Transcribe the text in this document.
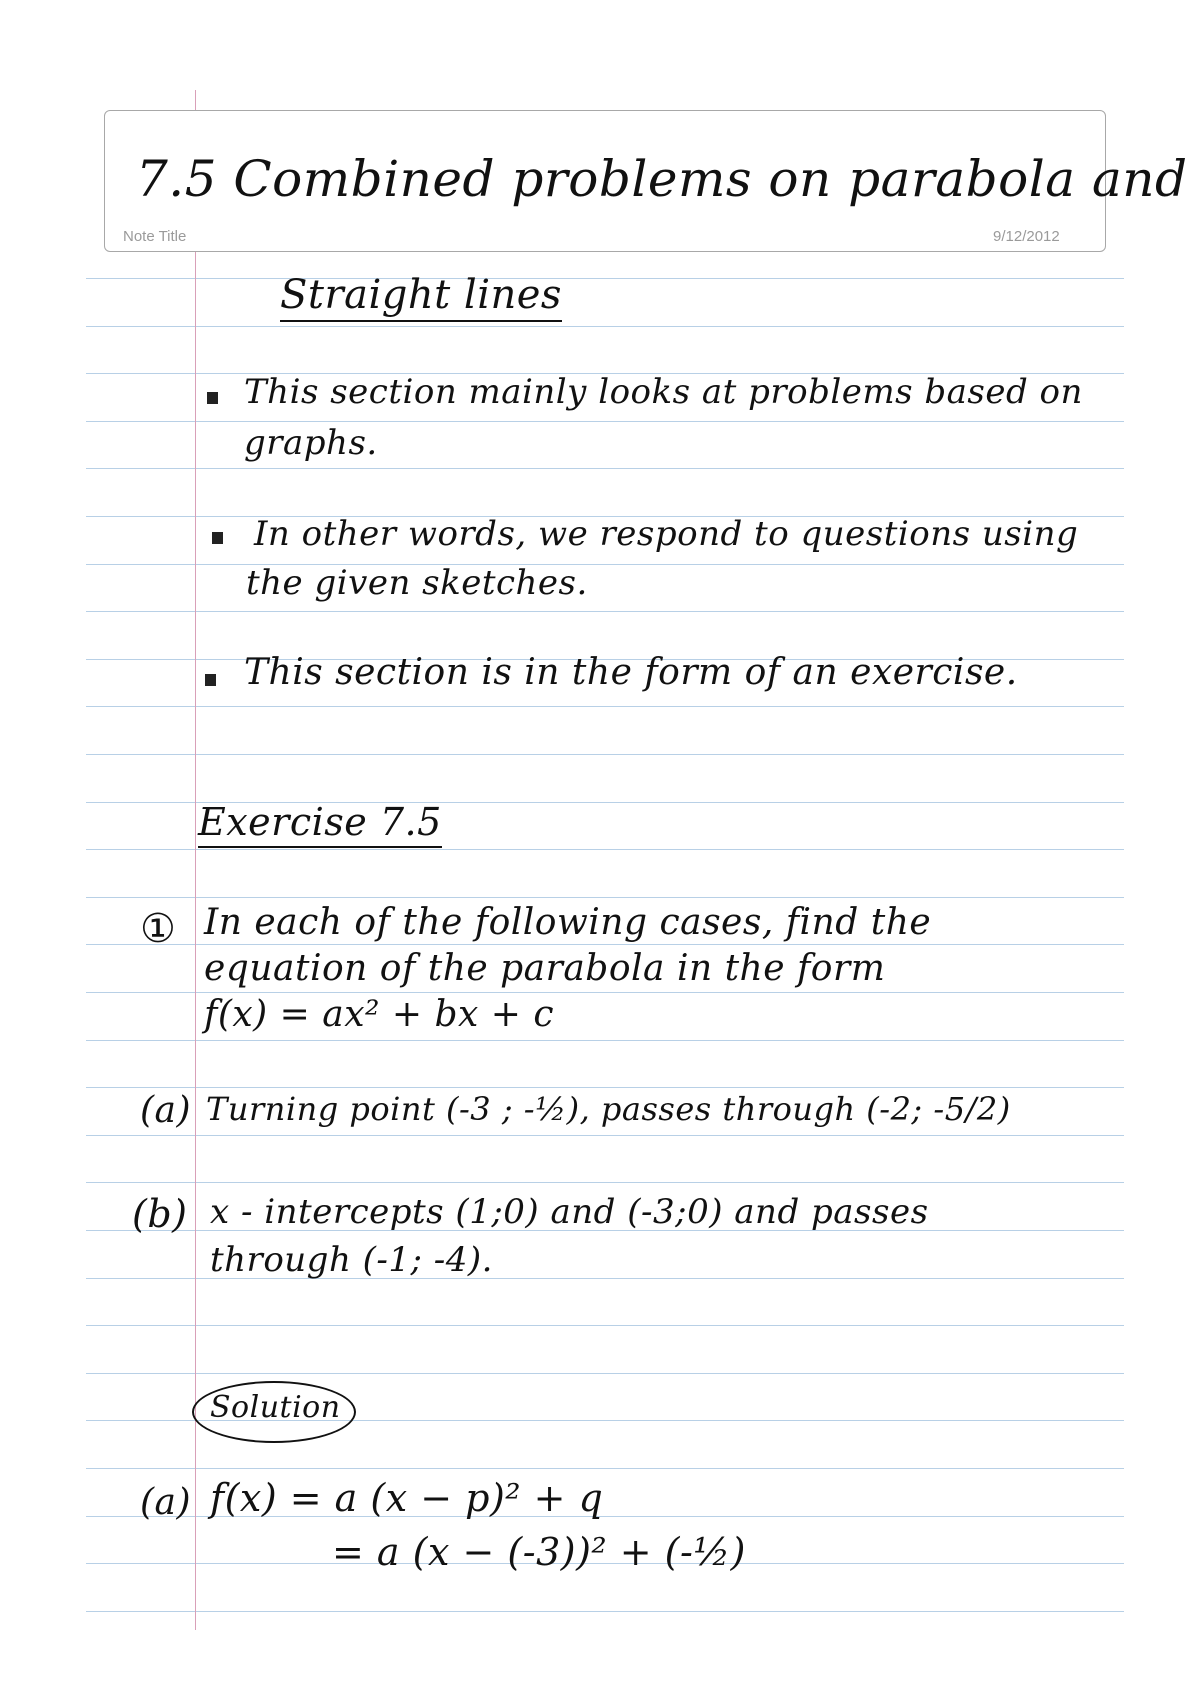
7.5 Combined problems on parabola and
Note Title	9/12/2012
Straight lines
This section mainly looks at problems based on
graphs.
In other words, we respond to questions using
the given sketches.
This section is in the form of an exercise.
Exercise 7.5
① In each of the following cases, find the
equation of the parabola in the form
f(x) = ax² + bx + c
(a) Turning point (-3 ; -½), passes through (-2; -5/2)
(b) x - intercepts (1;0) and (-3;0) and passes
through (-1; -4).
Solution
(a) f(x) = a (x − p)² + q
= a (x − (-3))² + (-½)
